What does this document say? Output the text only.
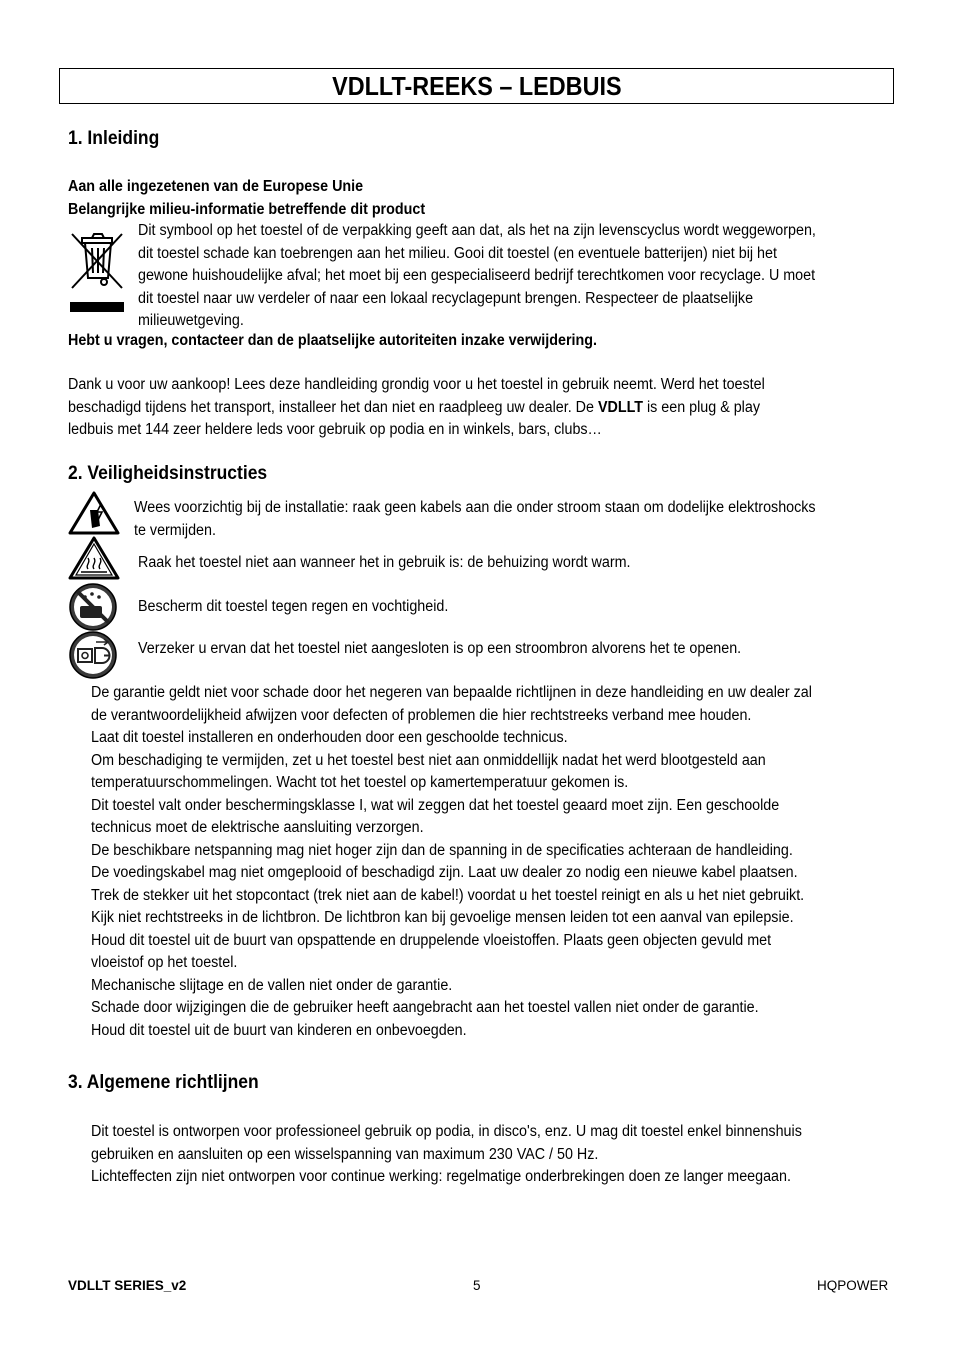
VDLLT-REEKS – LEDBUIS
1. Inleiding
Aan alle ingezetenen van de Europese Unie
Belangrijke milieu-informatie betreffende dit product
Dit symbool op het toestel of de verpakking geeft aan dat, als het na zijn levenscyclus wordt weggeworpen,
dit toestel schade kan toebrengen aan het milieu. Gooi dit toestel (en eventuele batterijen) niet bij het
gewone huishoudelijke afval; het moet bij een gespecialiseerd bedrijf terechtkomen voor recyclage. U moet
dit toestel naar uw verdeler of naar een lokaal recyclagepunt brengen. Respecteer de plaatselijke
milieuwetgeving.
Hebt u vragen, contacteer dan de plaatselijke autoriteiten inzake verwijdering.
Dank u voor uw aankoop! Lees deze handleiding grondig voor u het toestel in gebruik neemt. Werd het toestel
beschadigd tijdens het transport, installeer het dan niet en raadpleeg uw dealer. De VDLLT is een plug & play
ledbuis met 144 zeer heldere leds voor gebruik op podia en in winkels, bars, clubs…
2. Veiligheidsinstructies
Wees voorzichtig bij de installatie: raak geen kabels aan die onder stroom staan om dodelijke elektroshocks
te vermijden.
Raak het toestel niet aan wanneer het in gebruik is: de behuizing wordt warm.
Bescherm dit toestel tegen regen en vochtigheid.
Verzeker u ervan dat het toestel niet aangesloten is op een stroombron alvorens het te openen.
De garantie geldt niet voor schade door het negeren van bepaalde richtlijnen in deze handleiding en uw dealer zal
de verantwoordelijkheid afwijzen voor defecten of problemen die hier rechtstreeks verband mee houden.
Laat dit toestel installeren en onderhouden door een geschoolde technicus.
Om beschadiging te vermijden, zet u het toestel best niet aan onmiddellijk nadat het werd blootgesteld aan
temperatuurschommelingen. Wacht tot het toestel op kamertemperatuur gekomen is.
Dit toestel valt onder beschermingsklasse I, wat wil zeggen dat het toestel geaard moet zijn. Een geschoolde
technicus moet de elektrische aansluiting verzorgen.
De beschikbare netspanning mag niet hoger zijn dan de spanning in de specificaties achteraan de handleiding.
De voedingskabel mag niet omgeplooid of beschadigd zijn. Laat uw dealer zo nodig een nieuwe kabel plaatsen.
Trek de stekker uit het stopcontact (trek niet aan de kabel!) voordat u het toestel reinigt en als u het niet gebruikt.
Kijk niet rechtstreeks in de lichtbron. De lichtbron kan bij gevoelige mensen leiden tot een aanval van epilepsie.
Houd dit toestel uit de buurt van opspattende en druppelende vloeistoffen. Plaats geen objecten gevuld met
vloeistof op het toestel.
Mechanische slijtage en de vallen niet onder de garantie.
Schade door wijzigingen die de gebruiker heeft aangebracht aan het toestel vallen niet onder de garantie.
Houd dit toestel uit de buurt van kinderen en onbevoegden.
3. Algemene richtlijnen
Dit toestel is ontworpen voor professioneel gebruik op podia, in disco's, enz. U mag dit toestel enkel binnenshuis
gebruiken en aansluiten op een wisselspanning van maximum 230 VAC / 50 Hz.
Lichteffecten zijn niet ontworpen voor continue werking: regelmatige onderbrekingen doen ze langer meegaan.
VDLLT SERIES_v2	5	HQPOWER
